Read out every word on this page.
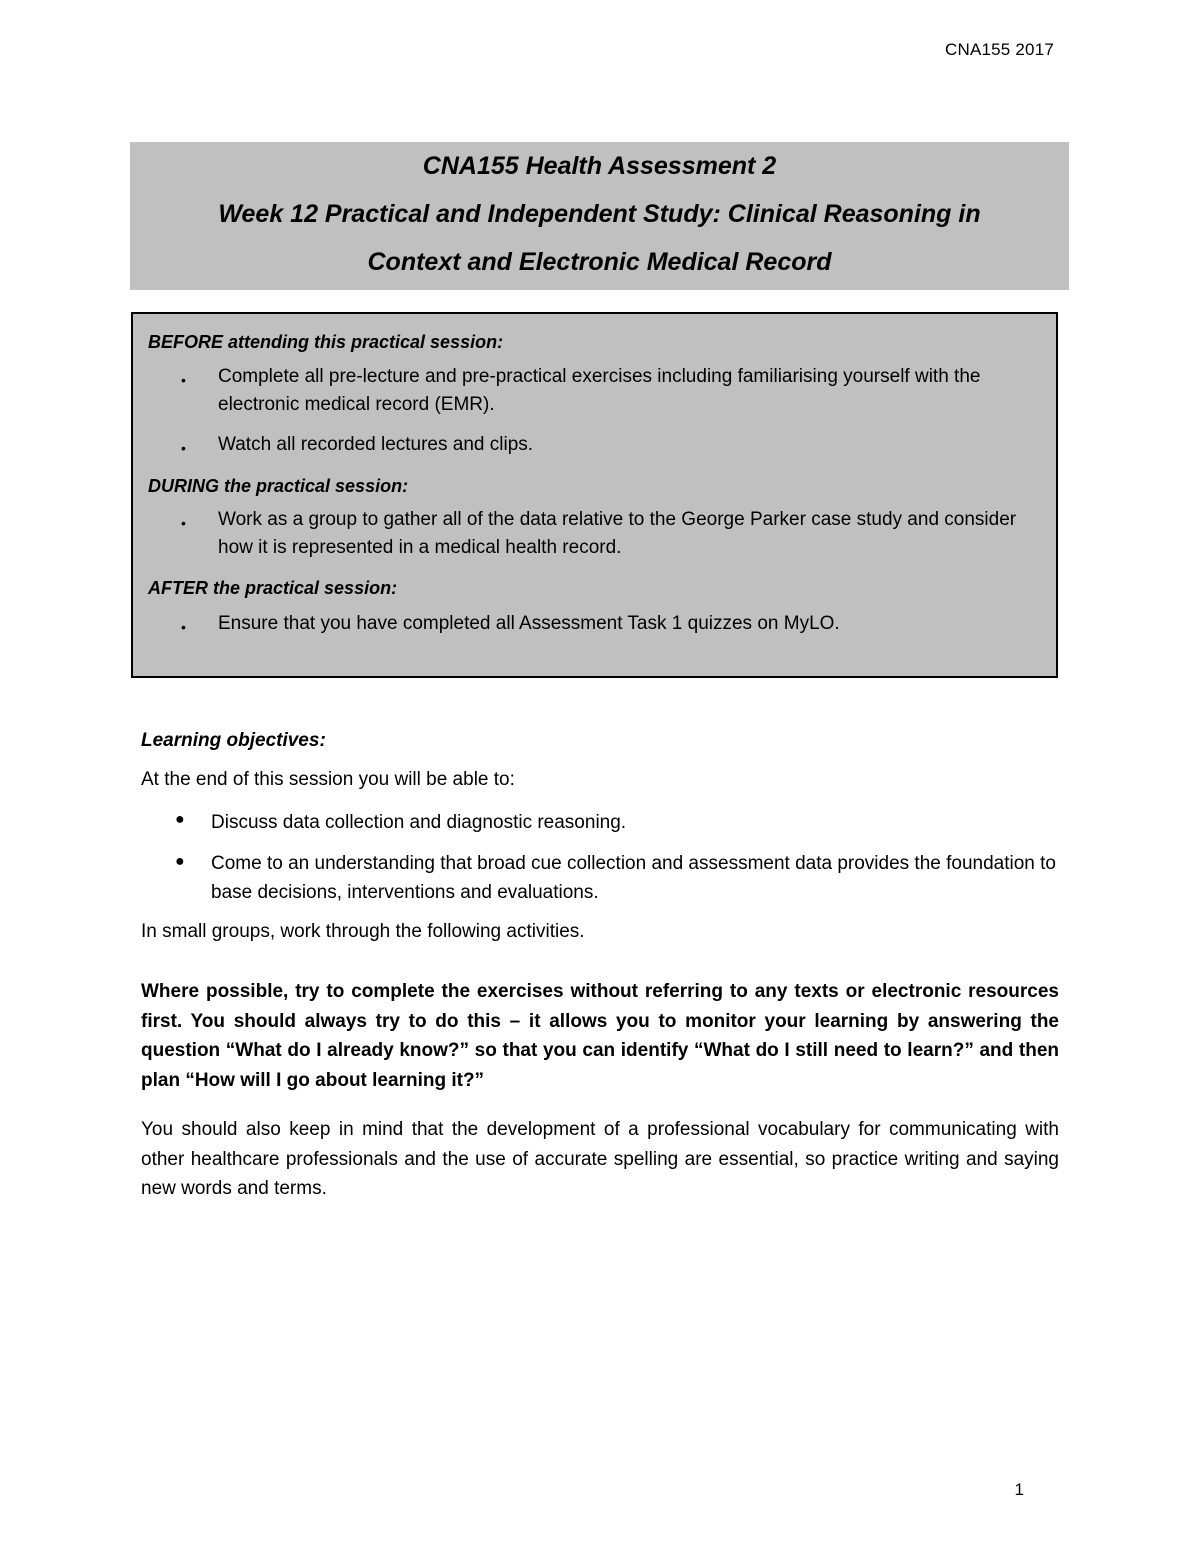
CNA155 2017
CNA155 Health Assessment 2
Week 12 Practical and Independent Study: Clinical Reasoning in
Context and Electronic Medical Record
BEFORE attending this practical session:
• Complete all pre-lecture and pre-practical exercises including familiarising yourself with the electronic medical record (EMR).
• Watch all recorded lectures and clips.
DURING the practical session:
• Work as a group to gather all of the data relative to the George Parker case study and consider how it is represented in a medical health record.
AFTER the practical session:
• Ensure that you have completed all Assessment Task 1 quizzes on MyLO.
Learning objectives:
At the end of this session you will be able to:
● Discuss data collection and diagnostic reasoning.
● Come to an understanding that broad cue collection and assessment data provides the foundation to base decisions, interventions and evaluations.
In small groups, work through the following activities.
Where possible, try to complete the exercises without referring to any texts or electronic resources first. You should always try to do this – it allows you to monitor your learning by answering the question “What do I already know?” so that you can identify “What do I still need to learn?” and then plan “How will I go about learning it?”
You should also keep in mind that the development of a professional vocabulary for communicating with other healthcare professionals and the use of accurate spelling are essential, so practice writing and saying new words and terms.
1
